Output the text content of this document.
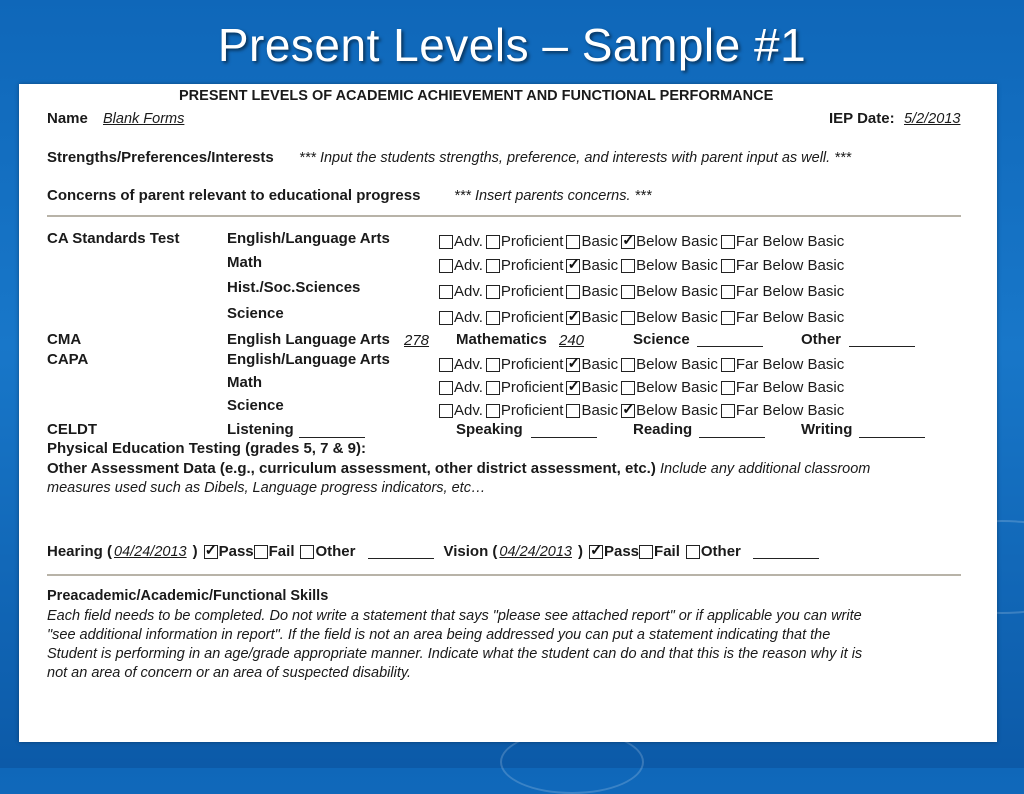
Present Levels – Sample #1
PRESENT LEVELS OF ACADEMIC ACHIEVEMENT AND FUNCTIONAL PERFORMANCE
Name Blank Forms	IEP Date: 5/2/2013
Strengths/Preferences/Interests *** Input the students strengths, preference, and interests with parent input as well. ***
Concerns of parent relevant to educational progress *** Insert parents concerns. ***
CA Standards Test	English/Language Arts	Adv. Proficient Basic ✓ Below Basic Far Below Basic
Math	Adv. Proficient ✓ Basic Below Basic Far Below Basic
Hist./Soc.Sciences	Adv. Proficient Basic Below Basic Far Below Basic
Science	Adv. Proficient ✓ Basic Below Basic Far Below Basic
CMA	English Language Arts 278 Mathematics 240	Science	Other
CAPA	English/Language Arts	Adv. Proficient ✓ Basic Below Basic Far Below Basic
Math	Adv. Proficient ✓ Basic Below Basic Far Below Basic
Science	Adv. Proficient Basic ✓ Below Basic Far Below Basic
CELDT	Listening	Speaking	Reading	Writing
Physical Education Testing (grades 5, 7 & 9):
Other Assessment Data (e.g., curriculum assessment, other district assessment, etc.) Include any additional classroom
measures used such as Dibels, Language progress indicators, etc…
Hearing ( 04/24/2013 ) ✓ Pass Fail Other	Vision ( 04/24/2013 ) ✓ Pass Fail Other
Preacademic/Academic/Functional Skills
Each field needs to be completed. Do not write a statement that says "please see attached report" or if applicable you can write
"see additional information in report". If the field is not an area being addressed you can put a statement indicating that the
Student is performing in an age/grade appropriate manner. Indicate what the student can do and that this is the reason why it is
not an area of concern or an area of suspected disability.
